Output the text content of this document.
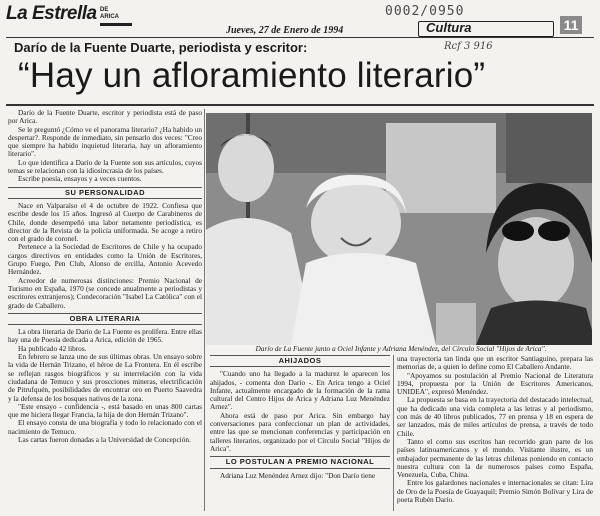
La Estrella DE
ARICA
Jueves, 27 de Enero de 1994
0002/0950
Rcf 3 916
Cultura	11
Darío de la Fuente Duarte, periodista y escritor:
“Hay un afloramiento literario”

Darío de la Fuente Duarte, escritor y periodista está de paso por Arica.

Se le preguntó ¿Cómo ve el panorama literario? ¿Ha habido un despertar?. Responde de inmediato, sin pensarlo dos veces: "Creo que siempre ha habido inquietud literaria, hay un afloramiento literario".

Lo que identifica a Darío de la Fuente son sus artículos, cuyos temas se relacionan con la idiosincrasia de los países.

Escribe poesía, ensayos y a veces cuentos.

SU PERSONALIDAD

Nace en Valparaíso el 4 de octubre de 1922. Confiesa que escribe desde los 15 años. Ingresó al Cuerpo de Carabineros de Chile, donde desempeñó una labor netamente periodística, es director de la Revista de la policía uniformada. Se acoge a retiro con el grado de coronel.

Pertenece a la Sociedad de Escritores de Chile y ha ocupado cargos directivos en entidades como la Unión de Escritores, Grupo Fuego, Pen Club, Alonso de ercilla, Antonio Acevedo Hernández.

Acreedor de numerosas distinciones: Premio Nacional de Turismo en España, 1970 (se concede anualmente a periodistas y escritores extranjeros); Condecoración "Isabel La Católica" con el grado de Caballero.

OBRA LITERARIA

La obra literaria de Darío de La Fuente es prolífera. Entre ellas hay una de Poesía dedicada a Arica, edición de 1965.

Ha publicado 42 libros.

En febrero se lanza uno de sus últimas obras. Un ensayo sobre la vida de Hernán Trizano, el héroe de La Frontera. En él escribe se reflejan rasgos biográficos y su interrelación con la vida ciudadana de Temuco y sus proscciones mineras, electrificación de Pitrufquén, posibilidades de encontrar oro en Puerto Saavedra y la defensa de los bosques nativos de la zona.

"Este ensayo - confidencia -, está basado en unas 800 cartas que me hiciera llegar Francia, la hija de don Hernán Trizano".

El ensayo consta de una biografía y todo lo relacionado con el nacimiento de Temuco.

Las cartas fueron donadas a la Universidad de Concepción.

Darío de La Fuente junto a Ociel Infante y Adriana Menéndez, del Círculo Social "Hijos de Arica".
AHIJADOS

"Cuando uno ha llegado a la madurez le aparecen los ahijados, - comenta don Darío -. En Arica tengo a Ociel Infante, actualmente encargado de la formación de la rama cultural del Centro Hijos de Arica y Adriana Luz Menéndez Arnez".

Ahora está de paso por Arica. Sin embargo hay conversaciones para confeccionar un plan de actividades, entre las que se mencionan conferencias y participación en talleres literarios, organizado por el Círculo Social "Hijos de Arica".

LO POSTULAN A PREMIO NACIONAL

Adriana Luz Menéndez Arnez dijo: "Don Darío tiene

una trayectoria tan linda que un escritor Santiaguino, prepara las memorias de, a quien lo define como El Caballero Andante.

"Apoyamos su postulación al Premio Nacional de Literatura 1994, propuesta por la Unión de Escritores Americanos, UNIDEA", expresó Menéndez.

La propuesta se basa en la trayectoria del destacado intelectual, que ha dedicado una vida completa a las letras y al periodismo, con más de 40 libros publicados, 77 en prensa y 18 en espera de ser lanzados, más de miles artículos de prensa, a través de todo Chile.

Tanto el como sus escritos han recorrido gran parte de los países latinoamericanos y el mundo. Visitante ilustre, es un embajador permanente de las letras chilenas poniendo en contacto nuestra cultura con la de numerosos países como España, Venezuela, Cuba, China.

Entre los galardones nacionales e internacionales se citan: Lira de Oro de la Poesía de Guayaquil; Premio Simón Bolívar y Lira de poeta Rubén Darío.
